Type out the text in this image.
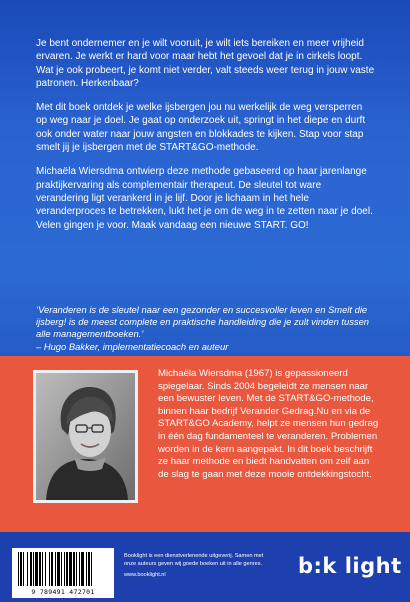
Je bent ondernemer en je wilt vooruit, je wilt iets bereiken en meer vrijheid ervaren. Je werkt er hard voor maar hebt het gevoel dat je in cirkels loopt. Wat je ook probeert, je komt niet verder, valt steeds weer terug in jouw vaste patronen. Herkenbaar?

Met dit boek ontdek je welke ijsbergen jou nu werkelijk de weg versperren op weg naar je doel. Je gaat op onderzoek uit, springt in het diepe en durft ook onder water naar jouw angsten en blokkades te kijken. Stap voor stap smelt jij je ijsbergen met de START&GO-methode.

Michaëla Wiersdma ontwierp deze methode gebaseerd op haar jarenlange praktijkervaring als complementair therapeut. De sleutel tot ware verandering ligt verankerd in je lijf. Door je lichaam in het hele veranderproces te betrekken, lukt het je om de weg in te zetten naar je doel. Velen gingen je voor. Maak vandaag een nieuwe START. GO!

‘Veranderen is de sleutel naar een gezonder en succesvoller leven en Smelt die ijsberg! is de meest complete en praktische handleiding die je zult vinden tussen alle managementboeken.’

– Hugo Bakker, implementatiecoach en auteur

Michaëla Wiersdma (1967) is gepassioneerd spiegelaar. Sinds 2004 begeleidt ze mensen naar een bewuster leven. Met de START&GO-methode, binnen haar bedrijf Verander Gedrag.Nu en via de START&GO Academy, helpt ze mensen hun gedrag in één dag fundamenteel te veranderen. Problemen worden in de kern aangepakt. In dit boek beschrijft ze haar methode en biedt handvatten om zelf aan de slag te gaan met deze mooie ontdekkingstocht.
9 789491 472701

Booklight is een dienstverlenende uitgeverij. Samen met onze auteurs geven wij goede boeken uit in alle genres.

www.booklight.nl	b:k light
